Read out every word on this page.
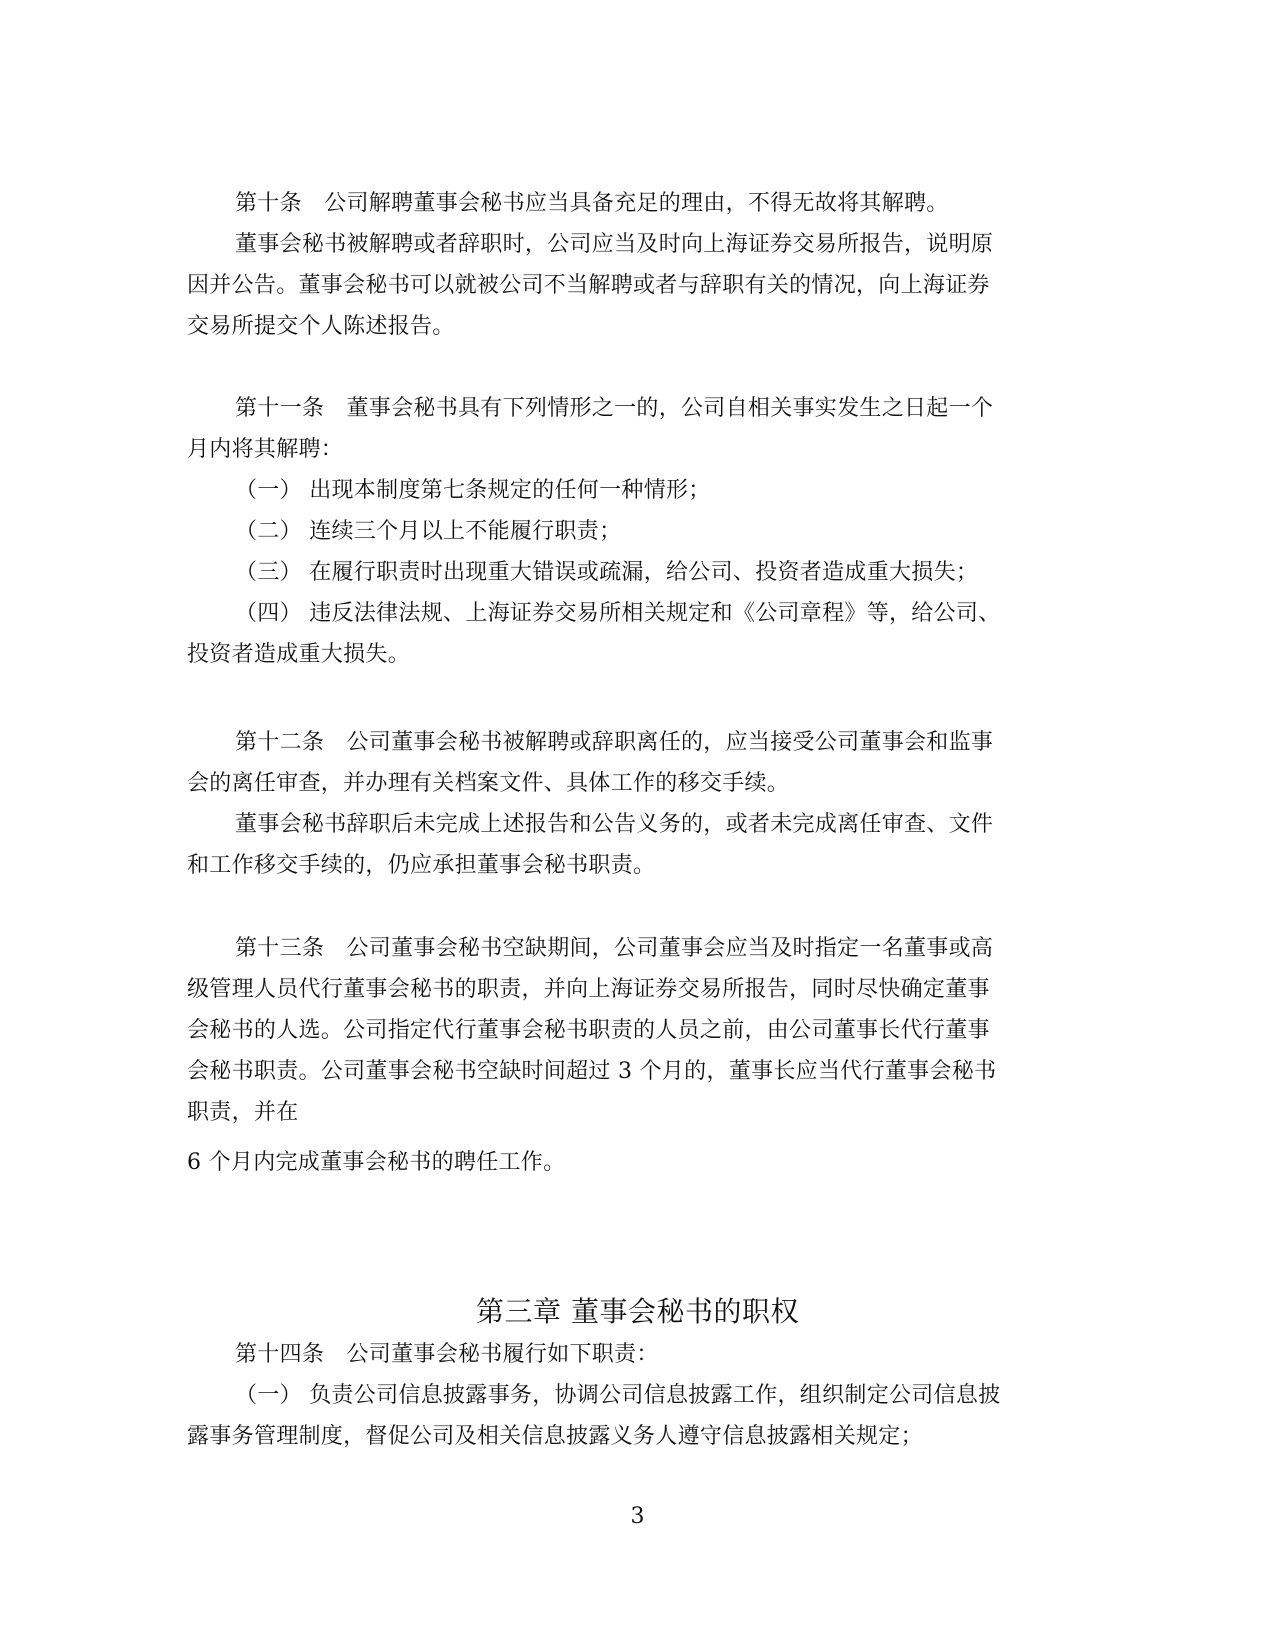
第十条　公司解聘董事会秘书应当具备充足的理由，不得无故将其解聘。
董事会秘书被解聘或者辞职时，公司应当及时向上海证券交易所报告，说明原
因并公告。董事会秘书可以就被公司不当解聘或者与辞职有关的情况，向上海证券
交易所提交个人陈述报告。
第十一条　董事会秘书具有下列情形之一的，公司自相关事实发生之日起一个
月内将其解聘：
（一） 出现本制度第七条规定的任何一种情形；
（二） 连续三个月以上不能履行职责；
（三） 在履行职责时出现重大错误或疏漏，给公司、投资者造成重大损失；
（四） 违反法律法规、上海证券交易所相关规定和《公司章程》等，给公司、
投资者造成重大损失。
第十二条　公司董事会秘书被解聘或辞职离任的，应当接受公司董事会和监事
会的离任审查，并办理有关档案文件、具体工作的移交手续。
董事会秘书辞职后未完成上述报告和公告义务的，或者未完成离任审查、文件
和工作移交手续的，仍应承担董事会秘书职责。
第十三条　公司董事会秘书空缺期间，公司董事会应当及时指定一名董事或高
级管理人员代行董事会秘书的职责，并向上海证券交易所报告，同时尽快确定董事
会秘书的人选。公司指定代行董事会秘书职责的人员之前，由公司董事长代行董事
会秘书职责。公司董事会秘书空缺时间超过 3 个月的，董事长应当代行董事会秘书
职责，并在
6 个月内完成董事会秘书的聘任工作。
第三章 董事会秘书的职权
第十四条　公司董事会秘书履行如下职责：
（一） 负责公司信息披露事务，协调公司信息披露工作，组织制定公司信息披
露事务管理制度，督促公司及相关信息披露义务人遵守信息披露相关规定；
3
